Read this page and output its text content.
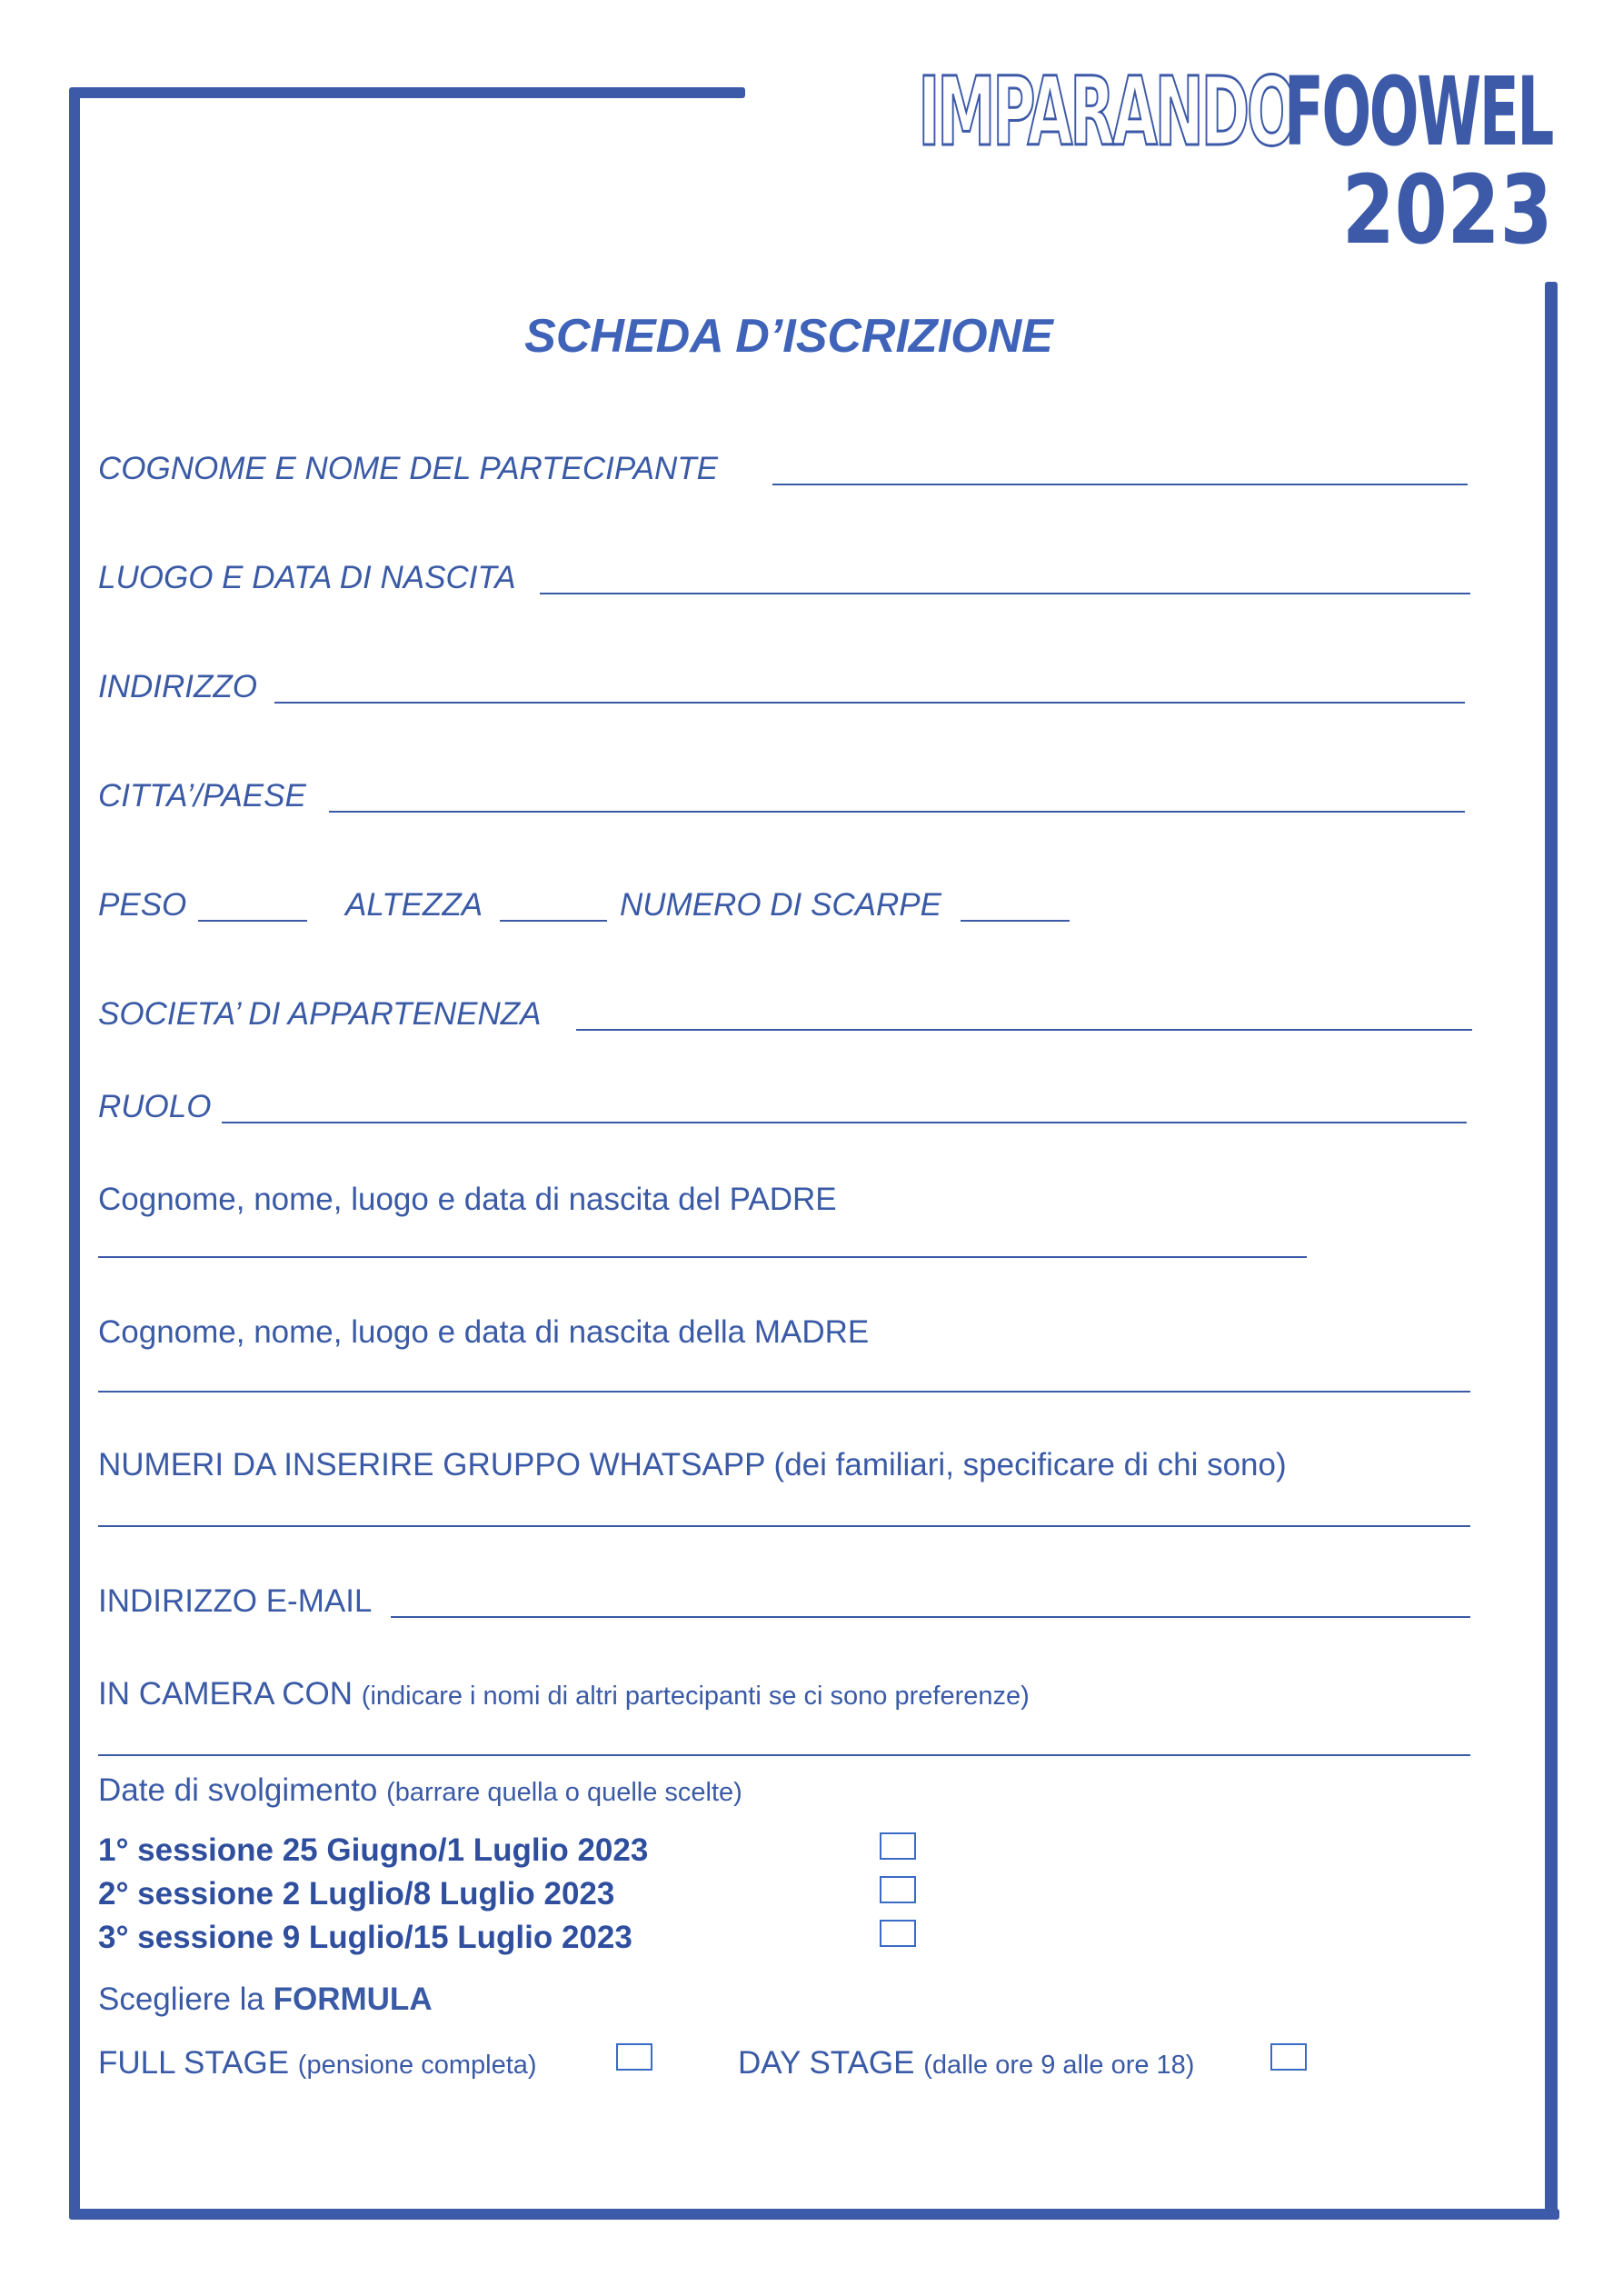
IMPARANDO
FOOWEL
2023
SCHEDA D’ISCRIZIONE
COGNOME E NOME DEL PARTECIPANTE
LUOGO E DATA DI NASCITA
INDIRIZZO
CITTA’/PAESE
PESO	ALTEZZA	NUMERO DI SCARPE
SOCIETA’ DI APPARTENENZA
RUOLO
Cognome, nome, luogo e data di nascita del PADRE
Cognome, nome, luogo e data di nascita della MADRE
NUMERI DA INSERIRE GRUPPO WHATSAPP (dei familiari, specificare di chi sono)
INDIRIZZO E-MAIL
IN CAMERA CON (indicare i nomi di altri partecipanti se ci sono preferenze)
Date di svolgimento (barrare quella o quelle scelte)
1° sessione 25 Giugno/1 Luglio 2023
2° sessione 2 Luglio/8 Luglio 2023
3° sessione 9 Luglio/15 Luglio 2023
Scegliere la FORMULA
FULL STAGE (pensione completa)	DAY STAGE (dalle ore 9 alle ore 18)
